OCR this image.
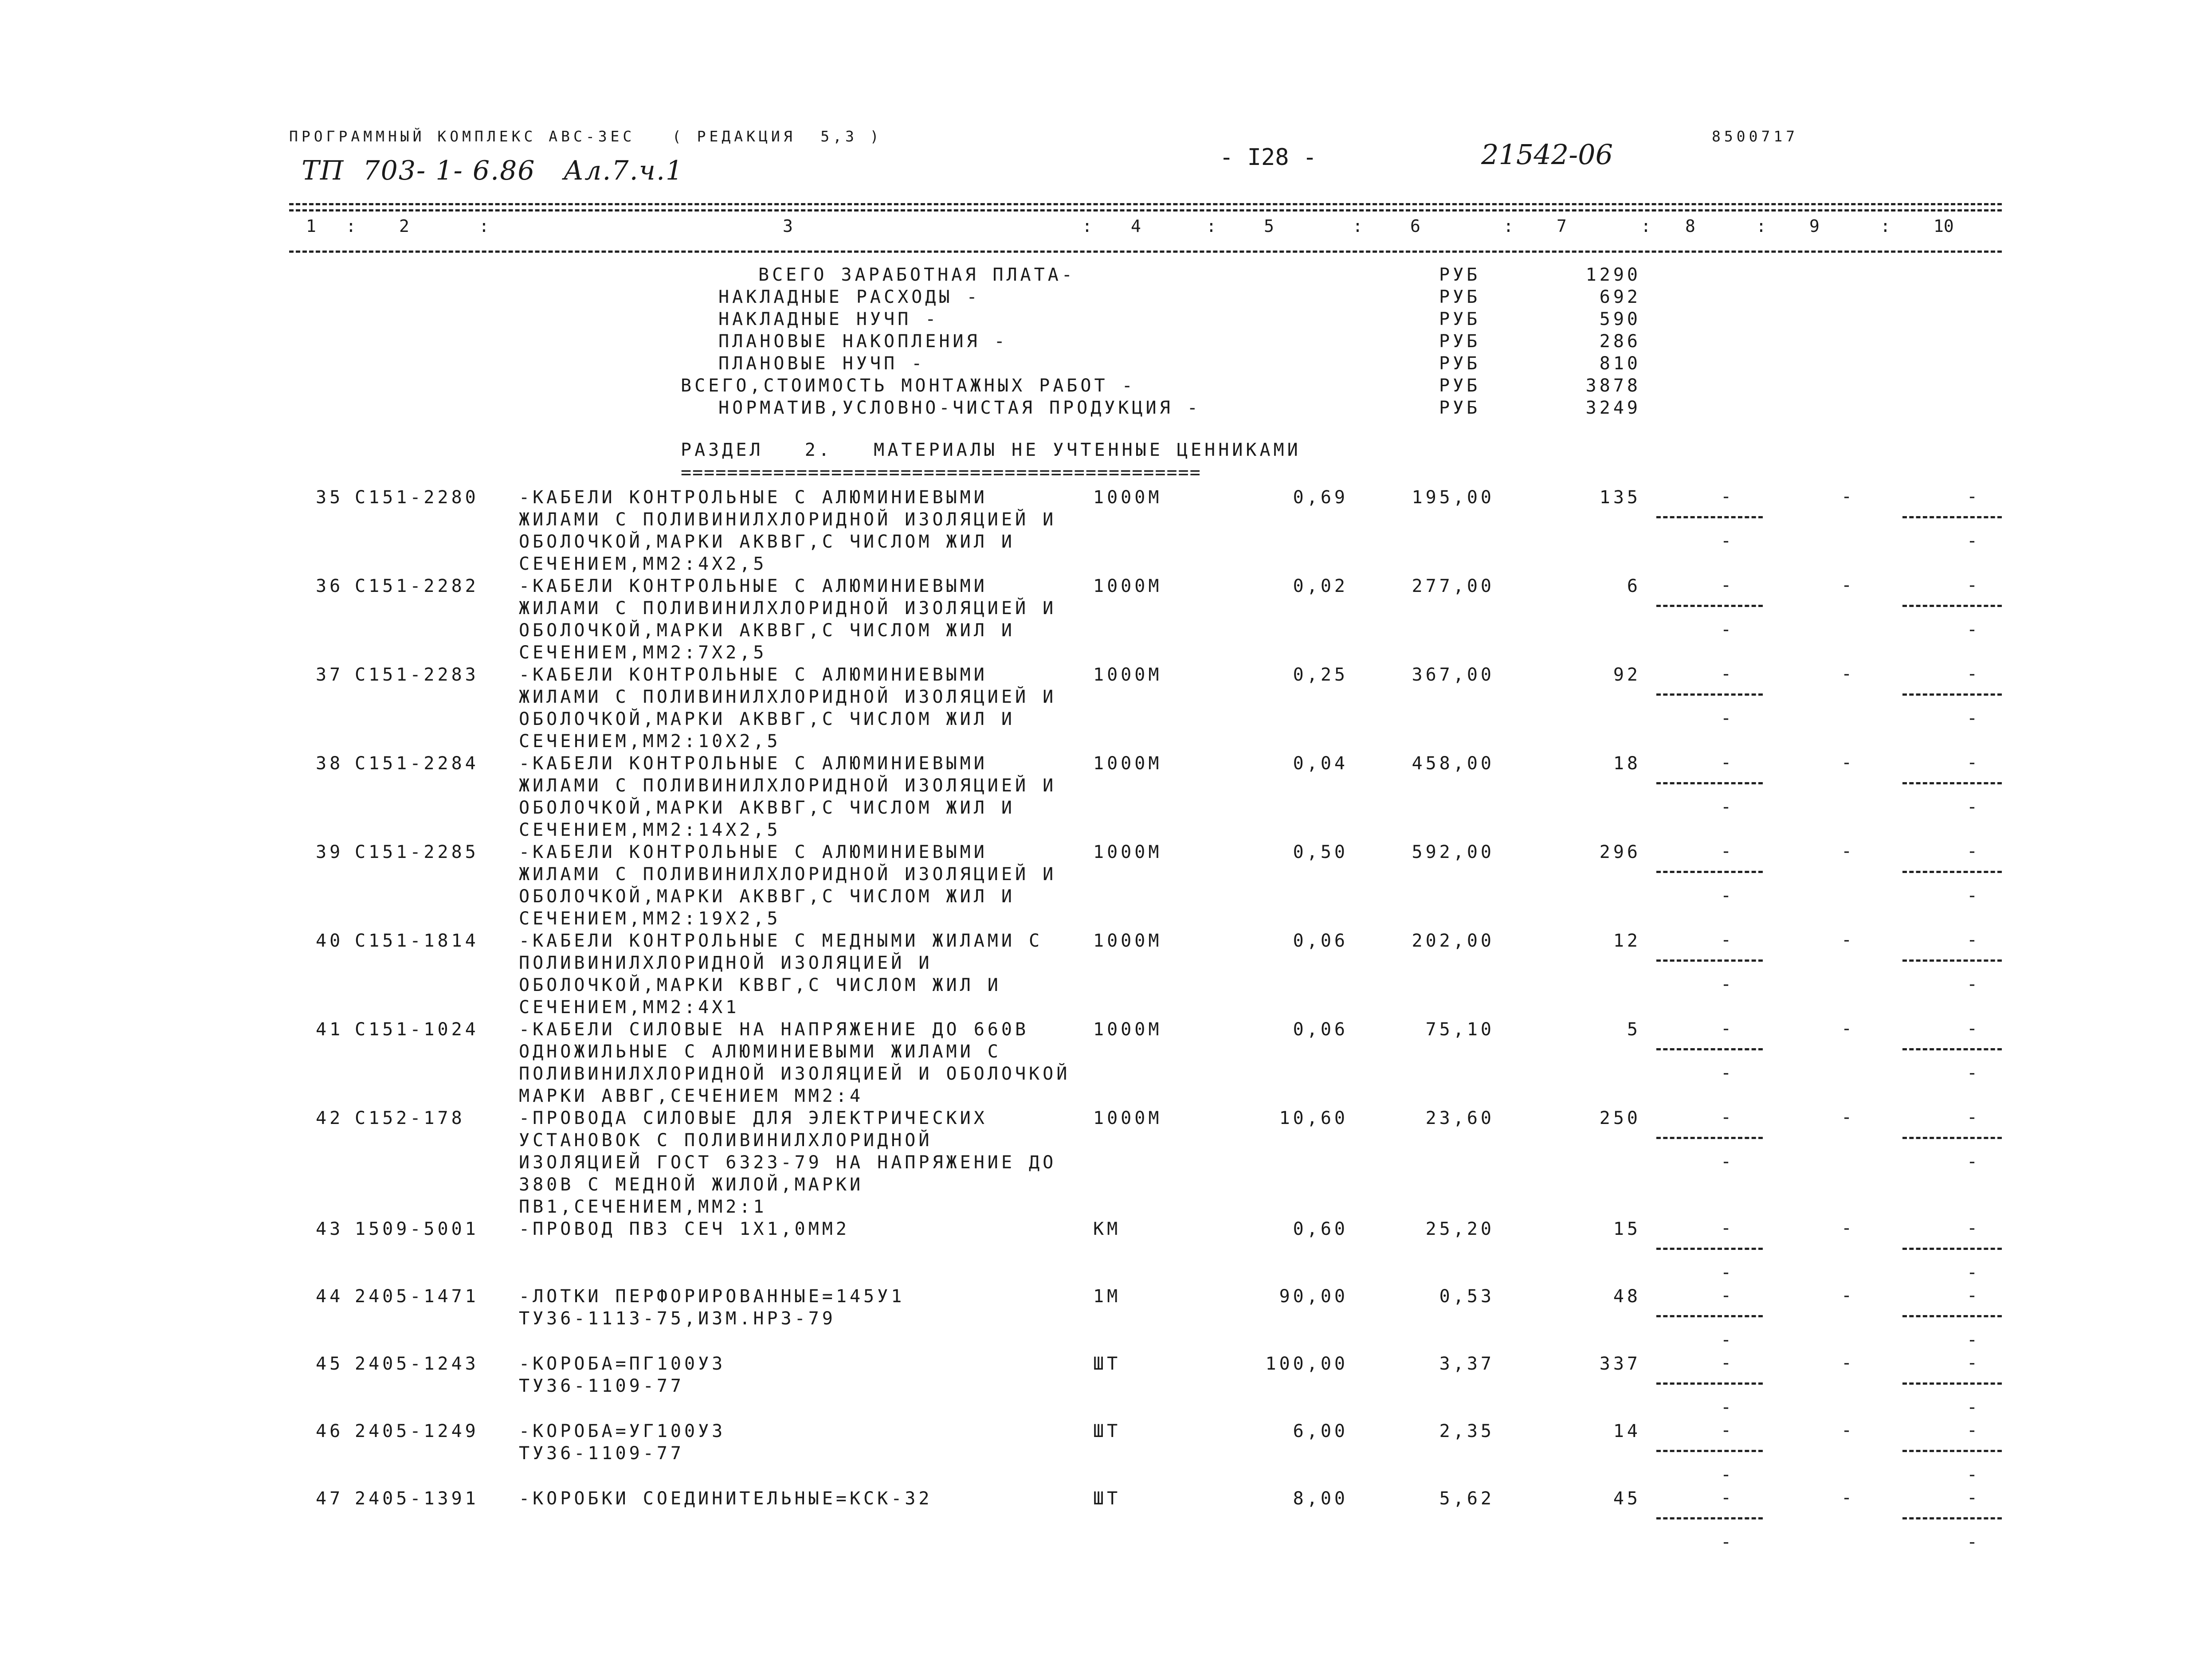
ПРОГРАММНЫЙ КОМПЛЕКС АВС-ЗЕС   ( РЕДАКЦИЯ  5,3 )
ТП  703- 1- 6.86   Ал.7.ч.1	- I28 -	21542-06
8500717
1 :	2	:	3	: 4	:	5	:	6	:	7	: 8	:	9	:	10
ВСЕГО ЗАРАБОТНАЯ ПЛАТА-	РУБ	1290
НАКЛАДНЫЕ РАСХОДЫ -	РУБ	692
НАКЛАДНЫЕ НУЧП -	РУБ	590
ПЛАНОВЫЕ НАКОПЛЕНИЯ -	РУБ	286
ПЛАНОВЫЕ НУЧП -	РУБ	810
ВСЕГО,СТОИМОСТЬ МОНТАЖНЫХ РАБОТ -	РУБ	3878
НОРМАТИВ,УСЛОВНО-ЧИСТАЯ ПРОДУКЦИЯ -	РУБ	3249
РАЗДЕЛ   2.   МАТЕРИАЛЫ НЕ УЧТЕННЫЕ ЦЕННИКАМИ
=============================================
35 С151-2280 -КАБЕЛИ КОНТРОЛЬНЫЕ С АЛЮМИНИЕВЫМИ
ЖИЛАМИ С ПОЛИВИНИЛХЛОРИДНОЙ ИЗОЛЯЦИЕЙ И
ОБОЛОЧКОЙ,МАРКИ АКВВГ,С ЧИСЛОМ ЖИЛ И
СЕЧЕНИЕМ,ММ2:4Х2,5
1000М	0,69	195,00	135	-	-	-
-	-
36 С151-2282 -КАБЕЛИ КОНТРОЛЬНЫЕ С АЛЮМИНИЕВЫМИ
ЖИЛАМИ С ПОЛИВИНИЛХЛОРИДНОЙ ИЗОЛЯЦИЕЙ И
ОБОЛОЧКОЙ,МАРКИ АКВВГ,С ЧИСЛОМ ЖИЛ И
СЕЧЕНИЕМ,ММ2:7Х2,5
1000М	0,02	277,00	6	-	-	-
-	-
37 С151-2283 -КАБЕЛИ КОНТРОЛЬНЫЕ С АЛЮМИНИЕВЫМИ
ЖИЛАМИ С ПОЛИВИНИЛХЛОРИДНОЙ ИЗОЛЯЦИЕЙ И
ОБОЛОЧКОЙ,МАРКИ АКВВГ,С ЧИСЛОМ ЖИЛ И
СЕЧЕНИЕМ,ММ2:10Х2,5
1000М	0,25	367,00	92	-	-	-
-	-
38 С151-2284 -КАБЕЛИ КОНТРОЛЬНЫЕ С АЛЮМИНИЕВЫМИ
ЖИЛАМИ С ПОЛИВИНИЛХЛОРИДНОЙ ИЗОЛЯЦИЕЙ И
ОБОЛОЧКОЙ,МАРКИ АКВВГ,С ЧИСЛОМ ЖИЛ И
СЕЧЕНИЕМ,ММ2:14Х2,5
1000М	0,04	458,00	18	-	-	-
-	-
39 С151-2285 -КАБЕЛИ КОНТРОЛЬНЫЕ С АЛЮМИНИЕВЫМИ
ЖИЛАМИ С ПОЛИВИНИЛХЛОРИДНОЙ ИЗОЛЯЦИЕЙ И
ОБОЛОЧКОЙ,МАРКИ АКВВГ,С ЧИСЛОМ ЖИЛ И
СЕЧЕНИЕМ,ММ2:19Х2,5
1000М	0,50	592,00	296	-	-	-
-	-
40 С151-1814 -КАБЕЛИ КОНТРОЛЬНЫЕ С МЕДНЫМИ ЖИЛАМИ С
ПОЛИВИНИЛХЛОРИДНОЙ ИЗОЛЯЦИЕЙ И
ОБОЛОЧКОЙ,МАРКИ КВВГ,С ЧИСЛОМ ЖИЛ И
СЕЧЕНИЕМ,ММ2:4Х1
1000М	0,06	202,00	12	-	-	-
-	-
41 С151-1024 -КАБЕЛИ СИЛОВЫЕ НА НАПРЯЖЕНИЕ ДО 660В
ОДНОЖИЛЬНЫЕ С АЛЮМИНИЕВЫМИ ЖИЛАМИ С
ПОЛИВИНИЛХЛОРИДНОЙ ИЗОЛЯЦИЕЙ И ОБОЛОЧКОЙ
МАРКИ АВВГ,СЕЧЕНИЕМ ММ2:4
1000М	0,06	75,10	5	-	-	-
-	-
42 С152-178	-ПРОВОДА СИЛОВЫЕ ДЛЯ ЭЛЕКТРИЧЕСКИХ
УСТАНОВОК С ПОЛИВИНИЛХЛОРИДНОЙ
ИЗОЛЯЦИЕЙ ГОСТ 6323-79 НА НАПРЯЖЕНИЕ ДО
380В С МЕДНОЙ ЖИЛОЙ,МАРКИ
ПВ1,СЕЧЕНИЕМ,ММ2:1
1000М	10,60	23,60	250	-	-	-
-	-
43 1509-5001 -ПРОВОД ПВЗ СЕЧ 1Х1,0ММ2	КМ	0,60	25,20	15	-	-	-
-	-
44 2405-1471 -ЛОТКИ ПЕРФОРИРОВАННЫЕ=145У1
ТУ36-1113-75,ИЗМ.НРЗ-79
1М	90,00	0,53	48	-	-	-
-	-
45 2405-1243 -КОРОБА=ПГ100УЗ
ТУ36-1109-77
ШТ	100,00	3,37	337	-	-	-
-	-
46 2405-1249 -КОРОБА=УГ100УЗ
ТУ36-1109-77
ШТ	6,00	2,35	14	-	-	-
-	-
47 2405-1391 -КОРОБКИ СОЕДИНИТЕЛЬНЫЕ=КСК-32	ШТ	8,00	5,62	45	-	-	-
-	-
